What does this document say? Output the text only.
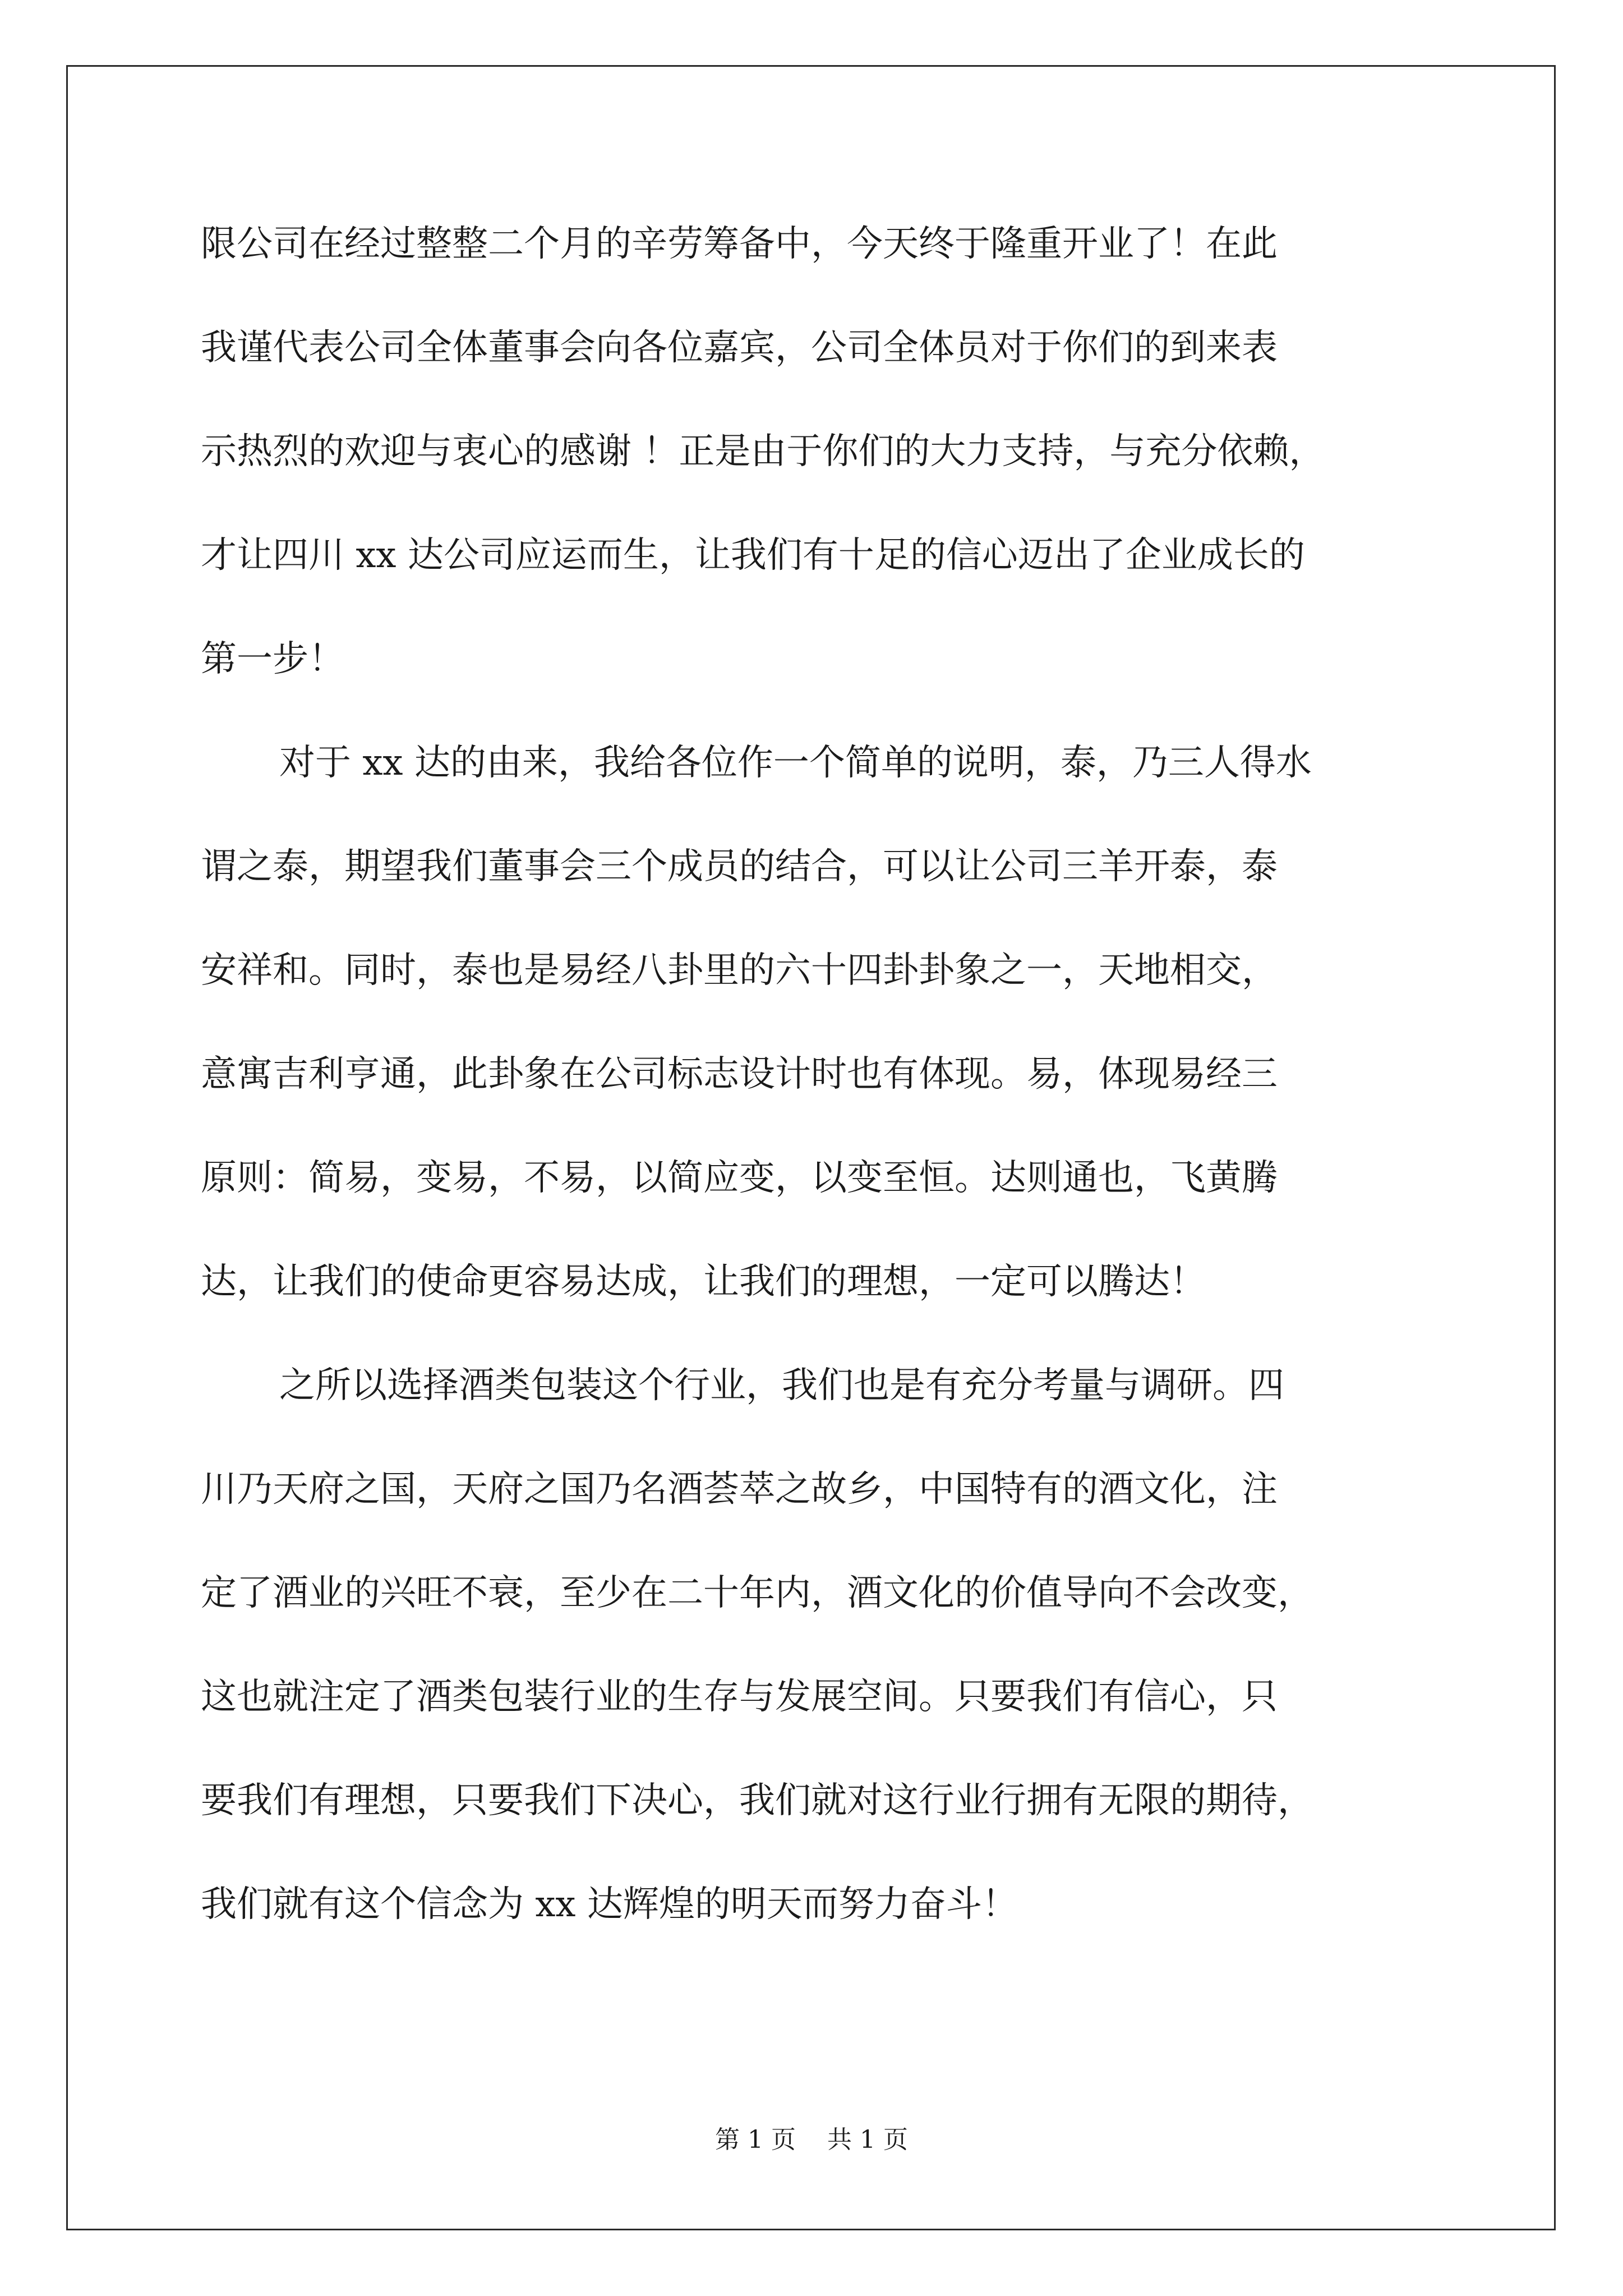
限公司在经过整整二个月的辛劳筹备中，今天终于隆重开业了！在此
我谨代表公司全体董事会向各位嘉宾，公司全体员对于你们的到来表
示热烈的欢迎与衷心的感谢 ！正是由于你们的大力支持，与充分依赖，
才让四川 xx 达公司应运而生，让我们有十足的信心迈出了企业成长的
第一步！
对于 xx 达的由来，我给各位作一个简单的说明，泰，乃三人得水
谓之泰，期望我们董事会三个成员的结合，可以让公司三羊开泰，泰
安祥和。同时，泰也是易经八卦里的六十四卦卦象之一，天地相交，
意寓吉利亨通，此卦象在公司标志设计时也有体现。易，体现易经三
原则：简易，变易，不易，以简应变，以变至恒。达则通也，飞黄腾
达，让我们的使命更容易达成，让我们的理想，一定可以腾达！
之所以选择酒类包装这个行业，我们也是有充分考量与调研。四
川乃天府之国，天府之国乃名酒荟萃之故乡，中国特有的酒文化，注
定了酒业的兴旺不衰，至少在二十年内，酒文化的价值导向不会改变，
这也就注定了酒类包装行业的生存与发展空间。只要我们有信心，只
要我们有理想，只要我们下决心，我们就对这行业行拥有无限的期待，
我们就有这个信念为 xx 达辉煌的明天而努力奋斗！
第 1 页 共 1 页
